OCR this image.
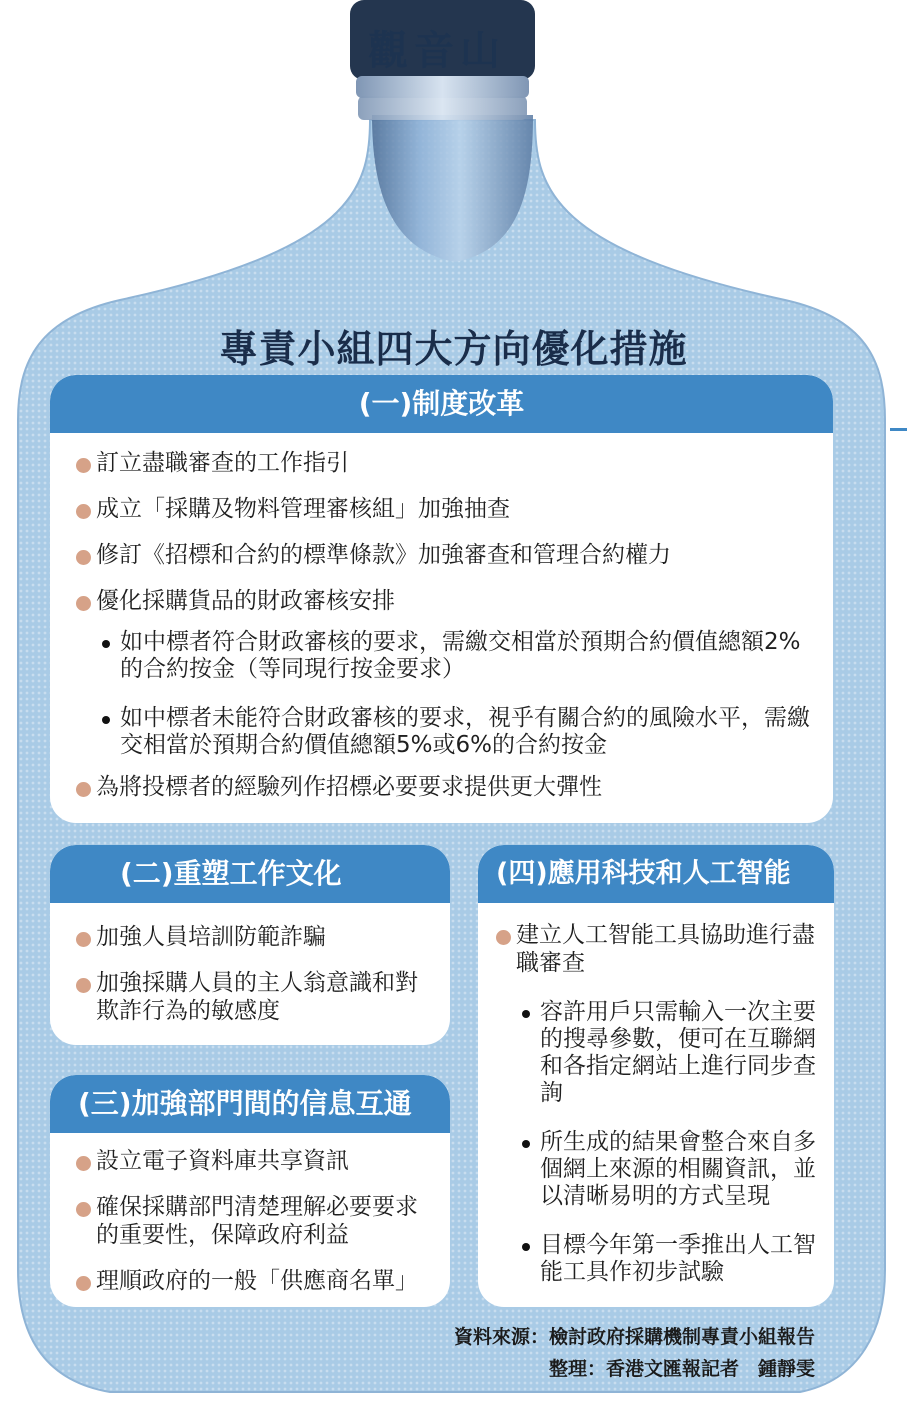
觀音山
專責小組四大方向優化措施
(一)制度改革
訂立盡職審查的工作指引
成立「採購及物料管理審核組」加強抽查
修訂《招標和合約的標準條款》加強審查和管理合約權力
優化採購貨品的財政審核安排
如中標者符合財政審核的要求，需繳交相當於預期合約價值總額2%的合約按金（等同現行按金要求）
如中標者未能符合財政審核的要求，視乎有關合約的風險水平，需繳交相當於預期合約價值總額5%或6%的合約按金
為將投標者的經驗列作招標必要要求提供更大彈性
(二)重塑工作文化
加強人員培訓防範詐騙
加強採購人員的主人翁意識和對欺詐行為的敏感度
(三)加強部門間的信息互通
設立電子資料庫共享資訊
確保採購部門清楚理解必要要求的重要性，保障政府利益
理順政府的一般「供應商名單」
(四)應用科技和人工智能
建立人工智能工具協助進行盡職審查
容許用戶只需輸入一次主要的搜尋參數，便可在互聯網和各指定網站上進行同步查詢
所生成的結果會整合來自多個網上來源的相關資訊，並以清晰易明的方式呈現
目標今年第一季推出人工智能工具作初步試驗
資料來源：檢討政府採購機制專責小組報告
整理：香港文匯報記者　鍾靜雯
